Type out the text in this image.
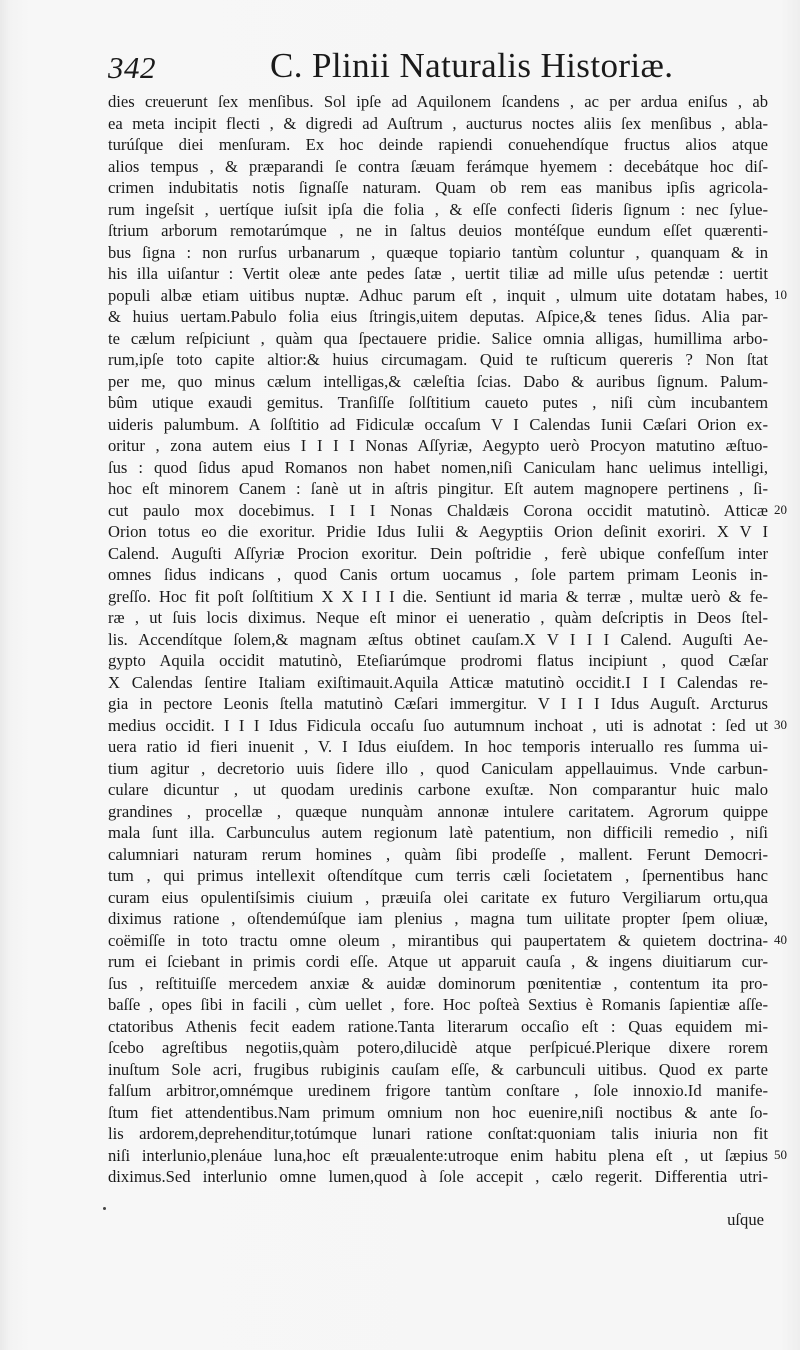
342	C. Plinii Naturalis Historiæ.
dies creuerunt ſex menſibus. Sol ipſe ad Aquilonem ſcandens , ac per ardua eniſus , ab
ea meta incipit flecti , & digredi ad Auſtrum , aucturus noctes aliis ſex menſibus , abla-
turúſque diei menſuram. Ex hoc deinde rapiendi conuehendíque fructus alios atque
alios tempus , & præparandi ſe contra ſæuam ferámque hyemem : decebátque hoc diſ-
crimen indubitatis notis ſignaſſe naturam. Quam ob rem eas manibus ipſis agricola-
rum ingeſsit , uertíque iuſsit ipſa die folia , & eſſe confecti ſideris ſignum : nec ſylue-
ſtrium arborum remotarúmque , ne in ſaltus deuios montéſque eundum eſſet quærenti-
bus ſigna : non rurſus urbanarum , quæque topiario tantùm coluntur , quanquam & in
his illa uiſantur : Vertit oleæ ante pedes ſatæ , uertit tiliæ ad mille uſus petendæ : uertit
populi albæ etiam uitibus nuptæ. Adhuc parum eſt , inquit , ulmum uite dotatam habes,
& huius uertam.Pabulo folia eius ſtringis,uitem deputas. Aſpice,& tenes ſidus. Alia par-
te cælum reſpiciunt , quàm qua ſpectauere pridie. Salice omnia alligas, humillima arbo-
rum,ipſe toto capite altior:& huius circumagam. Quid te ruſticum quereris ? Non ſtat
per me, quo minus cælum intelligas,& cæleſtia ſcias. Dabo & auribus ſignum. Palum-
bûm utique exaudi gemitus. Tranſiſſe ſolſtitium caueto putes , niſi cùm incubantem
uideris palumbum. A ſolſtitio ad Fidiculæ occaſum V I Calendas Iunii Cæſari Orion ex-
oritur , zona autem eius I I I I Nonas Aſſyriæ, Aegypto uerò Procyon matutino æſtuo-
ſus : quod ſidus apud Romanos non habet nomen,niſi Caniculam hanc uelimus intelligi,
hoc eſt minorem Canem : ſanè ut in aſtris pingitur. Eſt autem magnopere pertinens , ſi-
cut paulo mox docebimus. I I I Nonas Chaldæis Corona occidit matutinò. Atticæ
Orion totus eo die exoritur. Pridie Idus Iulii & Aegyptiis Orion deſinit exoriri. X V I
Calend. Auguſti Aſſyriæ Procion exoritur. Dein poſtridie , ferè ubique confeſſum inter
omnes ſidus indicans , quod Canis ortum uocamus , ſole partem primam Leonis in-
greſſo. Hoc fit poſt ſolſtitium X X I I I die. Sentiunt id maria & terræ , multæ uerò & fe-
ræ , ut ſuis locis diximus. Neque eſt minor ei ueneratio , quàm deſcriptis in Deos ſtel-
lis. Accendítque ſolem,& magnam æſtus obtinet cauſam.X V I I I Calend. Auguſti Ae-
gypto Aquila occidit matutinò, Eteſiarúmque prodromi flatus incipiunt , quod Cæſar
X Calendas ſentire Italiam exiſtimauit.Aquila Atticæ matutinò occidit.I I I Calendas re-
gia in pectore Leonis ſtella matutinò Cæſari immergitur. V I I I Idus Auguſt. Arcturus
medius occidit. I I I Idus Fidicula occaſu ſuo autumnum inchoat , uti is adnotat : ſed ut
uera ratio id fieri inuenit , V. I Idus eiuſdem. In hoc temporis interuallo res ſumma ui-
tium agitur , decretorio uuis ſidere illo , quod Caniculam appellauimus. Vnde carbun-
culare dicuntur , ut quodam uredinis carbone exuſtæ. Non comparantur huic malo
grandines , procellæ , quæque nunquàm annonæ intulere caritatem. Agrorum quippe
mala ſunt illa. Carbunculus autem regionum latè patentium, non difficili remedio , niſi
calumniari naturam rerum homines , quàm ſibi prodeſſe , mallent. Ferunt Democri-
tum , qui primus intellexit oſtendítque cum terris cæli ſocietatem , ſpernentibus hanc
curam eius opulentiſsimis ciuium , præuiſa olei caritate ex futuro Vergiliarum ortu,qua
diximus ratione , oſtendemúſque iam plenius , magna tum uilitate propter ſpem oliuæ,
coëmiſſe in toto tractu omne oleum , mirantibus qui paupertatem & quietem doctrina-
rum ei ſciebant in primis cordi eſſe. Atque ut apparuit cauſa , & ingens diuitiarum cur-
ſus , reſtituiſſe mercedem anxiæ & auidæ dominorum pœnitentiæ , contentum ita pro-
baſſe , opes ſibi in facili , cùm uellet , fore. Hoc poſteà Sextius è Romanis ſapientiæ aſſe-
ctatoribus Athenis fecit eadem ratione.Tanta literarum occaſio eſt : Quas equidem mi-
ſcebo agreſtibus negotiis,quàm potero,dilucidè atque perſpicué.Plerique dixere rorem
inuſtum Sole acri, frugibus rubiginis cauſam eſſe, & carbunculi uitibus. Quod ex parte
falſum arbitror,omnémque uredinem frigore tantùm conſtare , ſole innoxio.Id manife-
ſtum fiet attendentibus.Nam primum omnium non hoc euenire,niſi noctibus & ante ſo-
lis ardorem,deprehenditur,totúmque lunari ratione conſtat:quoniam talis iniuria non fit
niſi interlunio,plenáue luna,hoc eſt præualente:utroque enim habitu plena eſt , ut ſæpius
diximus.Sed interlunio omne lumen,quod à ſole accepit , cælo regerit. Differentia utri-
uſque
10
20
30
40
50
